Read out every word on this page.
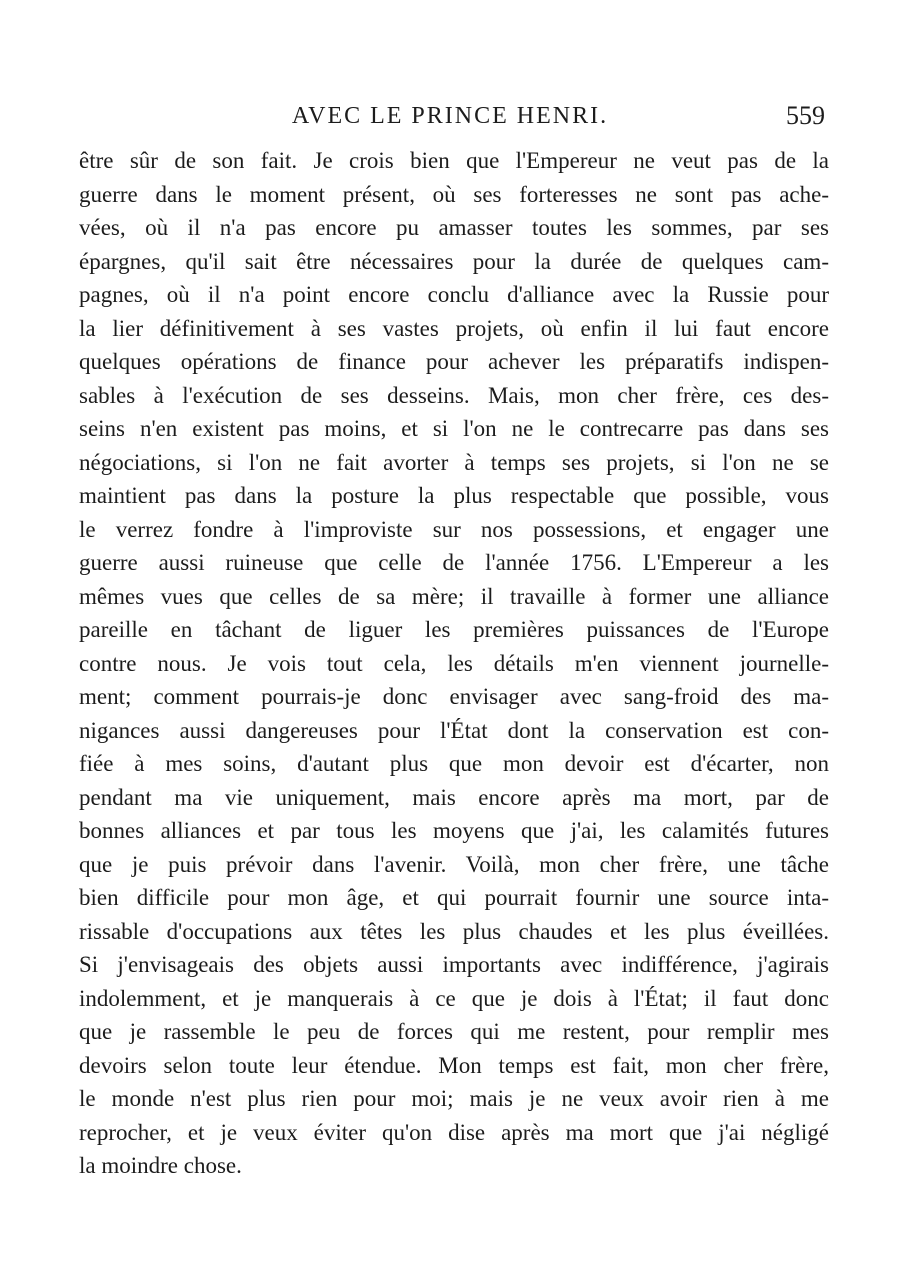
AVEC LE PRINCE HENRI.	559
être sûr de son fait. Je crois bien que l'Empereur ne veut pas de la
guerre dans le moment présent, où ses forteresses ne sont pas ache-
vées, où il n'a pas encore pu amasser toutes les sommes, par ses
épargnes, qu'il sait être nécessaires pour la durée de quelques cam-
pagnes, où il n'a point encore conclu d'alliance avec la Russie pour
la lier définitivement à ses vastes projets, où enfin il lui faut encore
quelques opérations de finance pour achever les préparatifs indispen-
sables à l'exécution de ses desseins. Mais, mon cher frère, ces des-
seins n'en existent pas moins, et si l'on ne le contrecarre pas dans ses
négociations, si l'on ne fait avorter à temps ses projets, si l'on ne se
maintient pas dans la posture la plus respectable que possible, vous
le verrez fondre à l'improviste sur nos possessions, et engager une
guerre aussi ruineuse que celle de l'année 1756. L'Empereur a les
mêmes vues que celles de sa mère; il travaille à former une alliance
pareille en tâchant de liguer les premières puissances de l'Europe
contre nous. Je vois tout cela, les détails m'en viennent journelle-
ment; comment pourrais-je donc envisager avec sang-froid des ma-
nigances aussi dangereuses pour l'État dont la conservation est con-
fiée à mes soins, d'autant plus que mon devoir est d'écarter, non
pendant ma vie uniquement, mais encore après ma mort, par de
bonnes alliances et par tous les moyens que j'ai, les calamités futures
que je puis prévoir dans l'avenir. Voilà, mon cher frère, une tâche
bien difficile pour mon âge, et qui pourrait fournir une source inta-
rissable d'occupations aux têtes les plus chaudes et les plus éveillées.
Si j'envisageais des objets aussi importants avec indifférence, j'agirais
indolemment, et je manquerais à ce que je dois à l'État; il faut donc
que je rassemble le peu de forces qui me restent, pour remplir mes
devoirs selon toute leur étendue. Mon temps est fait, mon cher frère,
le monde n'est plus rien pour moi; mais je ne veux avoir rien à me
reprocher, et je veux éviter qu'on dise après ma mort que j'ai négligé
la moindre chose.
